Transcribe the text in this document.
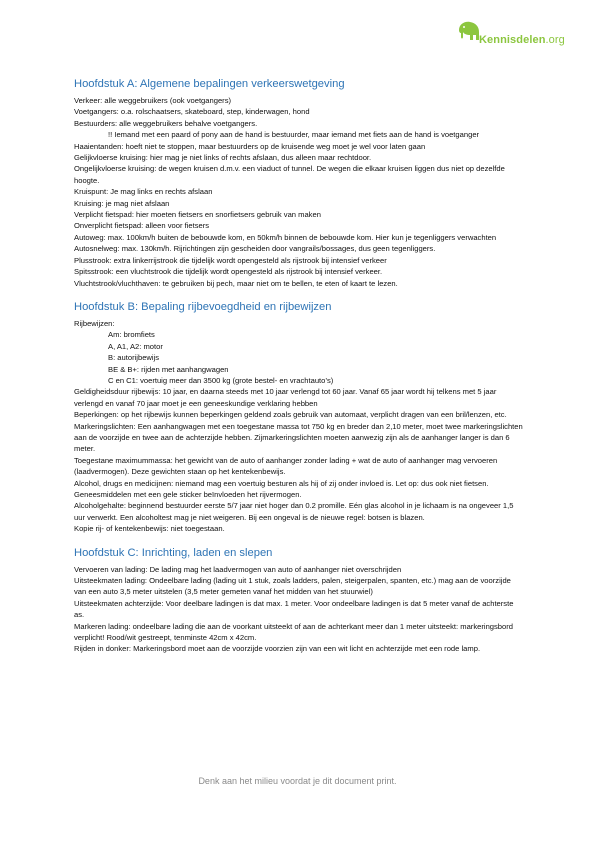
Kennisdelen.org
Hoofdstuk A: Algemene bepalingen verkeerswetgeving

Verkeer: alle weggebruikers (ook voetgangers)

Voetgangers: o.a. rolschaatsers, skateboard, step, kinderwagen, hond

Bestuurders: alle weggebruikers behalve voetgangers.

!! Iemand met een paard of pony aan de hand is bestuurder, maar iemand met fiets aan de hand is voetganger

Haaientanden: hoeft niet te stoppen, maar bestuurders op de kruisende weg moet je wel voor laten gaan

Gelijkvloerse kruising: hier mag je niet links of rechts afslaan, dus alleen maar rechtdoor.

Ongelijkvloerse kruising: de wegen kruisen d.m.v. een viaduct of tunnel. De wegen die elkaar kruisen liggen dus niet op dezelfde hoogte.

Kruispunt: Je mag links en rechts afslaan

Kruising: je mag niet afslaan

Verplicht fietspad: hier moeten fietsers en snorfietsers gebruik van maken

Onverplicht fietspad: alleen voor fietsers

Autoweg: max. 100km/h buiten de bebouwde kom, en 50km/h binnen de bebouwde kom. Hier kun je tegenliggers verwachten

Autosnelweg: max. 130km/h. Rijrichtingen zijn gescheiden door vangrails/bossages, dus geen tegenliggers.

Plusstrook: extra linkerrijstrook die tijdelijk wordt opengesteld als rijstrook bij intensief verkeer

Spitsstrook: een vluchtstrook die tijdelijk wordt opengesteld als rijstrook bij intensief verkeer.

Vluchtstrook/vluchthaven: te gebruiken bij pech, maar niet om te bellen, te eten of kaart te lezen.

Hoofdstuk B: Bepaling rijbevoegdheid en rijbewijzen

Rijbewijzen:

Am: bromfiets

A, A1, A2: motor

B: autorijbewijs

BE & B+: rijden met aanhangwagen

C en C1: voertuig meer dan 3500 kg (grote bestel- en vrachtauto’s)

Geldigheidsduur rijbewijs: 10 jaar, en daarna steeds met 10 jaar verlengd tot 60 jaar. Vanaf 65 jaar wordt hij telkens met 5 jaar verlengd en vanaf 70 jaar moet je een geneeskundige verklaring hebben

Beperkingen: op het rijbewijs kunnen beperkingen geldend zoals gebruik van automaat, verplicht dragen van een bril/lenzen, etc.

Markeringslichten: Een aanhangwagen met een toegestane massa tot 750 kg en breder dan 2,10 meter, moet twee markeringslichten aan de voorzijde en twee aan de achterzijde hebben. Zijmarkeringslichten moeten aanwezig zijn als de aanhanger langer is dan 6 meter.

Toegestane maximummassa: het gewicht van de auto of aanhanger zonder lading + wat de auto of aanhanger mag vervoeren (laadvermogen). Deze gewichten staan op het kentekenbewijs.

Alcohol, drugs en medicijnen: niemand mag een voertuig besturen als hij of zij onder invloed is. Let op: dus ook niet fietsen. Geneesmiddelen met een gele sticker beïnvloeden het rijvermogen.

Alcoholgehalte: beginnend bestuurder eerste 5/7 jaar niet hoger dan 0.2 promille. Eén glas alcohol in je lichaam is na ongeveer 1,5 uur verwerkt. Een alcoholtest mag je niet weigeren. Bij een ongeval is de nieuwe regel: botsen is blazen.

Kopie rij- of kentekenbewijs: niet toegestaan.

Hoofdstuk C: Inrichting, laden en slepen

Vervoeren van lading: De lading mag het laadvermogen van auto of aanhanger niet overschrijden

Uitsteekmaten lading: Ondeelbare lading (lading uit 1 stuk, zoals ladders, palen, steigerpalen, spanten, etc.) mag aan de voorzijde van een auto 3,5 meter uitstelen (3,5 meter gemeten vanaf het midden van het stuurwiel)

Uitsteekmaten achterzijde: Voor deelbare ladingen is dat max. 1 meter. Voor ondeelbare ladingen is dat 5 meter vanaf de achterste as.

Markeren lading: ondeelbare lading die aan de voorkant uitsteekt of aan de achterkant meer dan 1 meter uitsteekt: markeringsbord verplicht! Rood/wit gestreept, tenminste 42cm x 42cm.

Rijden in donker: Markeringsbord moet aan de voorzijde voorzien zijn van een wit licht en achterzijde met een rode lamp.

Denk aan het milieu voordat je dit document print.
